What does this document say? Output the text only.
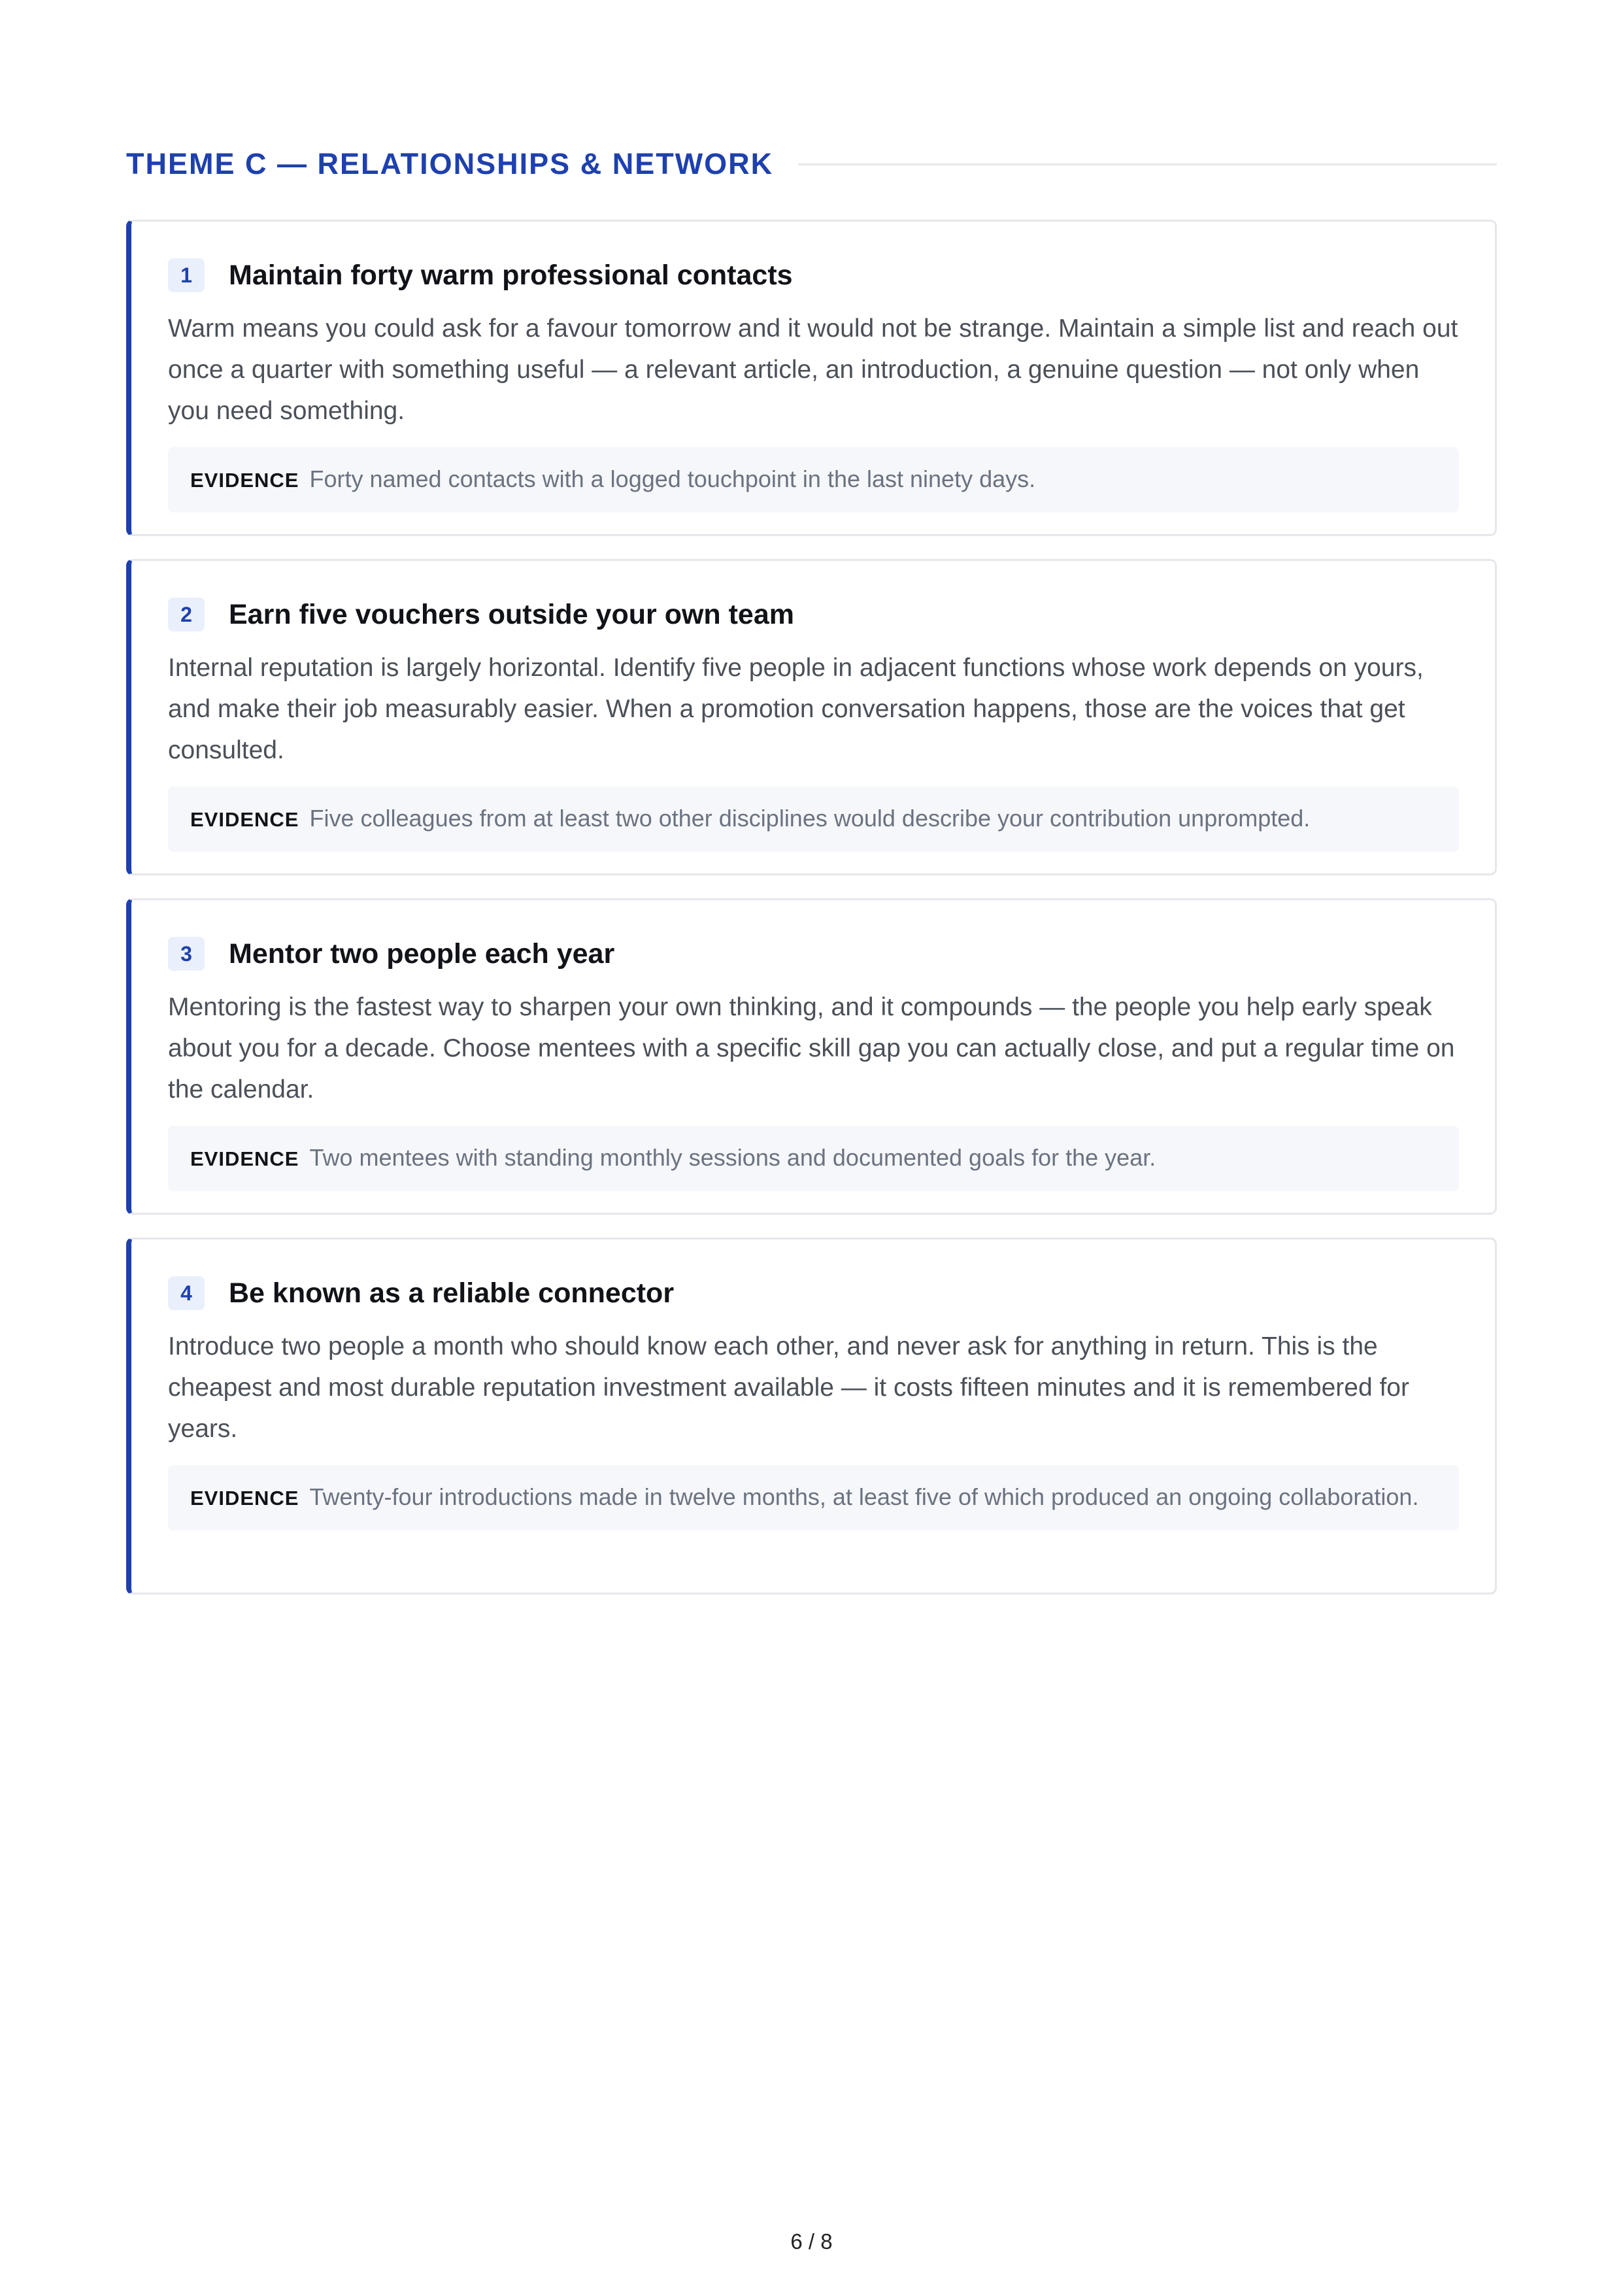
THEME C — RELATIONSHIPS & NETWORK
1	Maintain forty warm professional contacts
Warm means you could ask for a favour tomorrow and it would not be strange. Maintain a simple list and reach out once a quarter with something useful — a relevant article, an introduction, a genuine question — not only when you need something.
EVIDENCE Forty named contacts with a logged touchpoint in the last ninety days.
2	Earn five vouchers outside your own team
Internal reputation is largely horizontal. Identify five people in adjacent functions whose work depends on yours, and make their job measurably easier. When a promotion conversation happens, those are the voices that get consulted.
EVIDENCE Five colleagues from at least two other disciplines would describe your contribution unprompted.
3	Mentor two people each year
Mentoring is the fastest way to sharpen your own thinking, and it compounds — the people you help early speak about you for a decade. Choose mentees with a specific skill gap you can actually close, and put a regular time on the calendar.
EVIDENCE Two mentees with standing monthly sessions and documented goals for the year.
4	Be known as a reliable connector
Introduce two people a month who should know each other, and never ask for anything in return. This is the cheapest and most durable reputation investment available — it costs fifteen minutes and it is remembered for years.
EVIDENCE Twenty-four introductions made in twelve months, at least five of which produced an ongoing collaboration.
6 / 8
